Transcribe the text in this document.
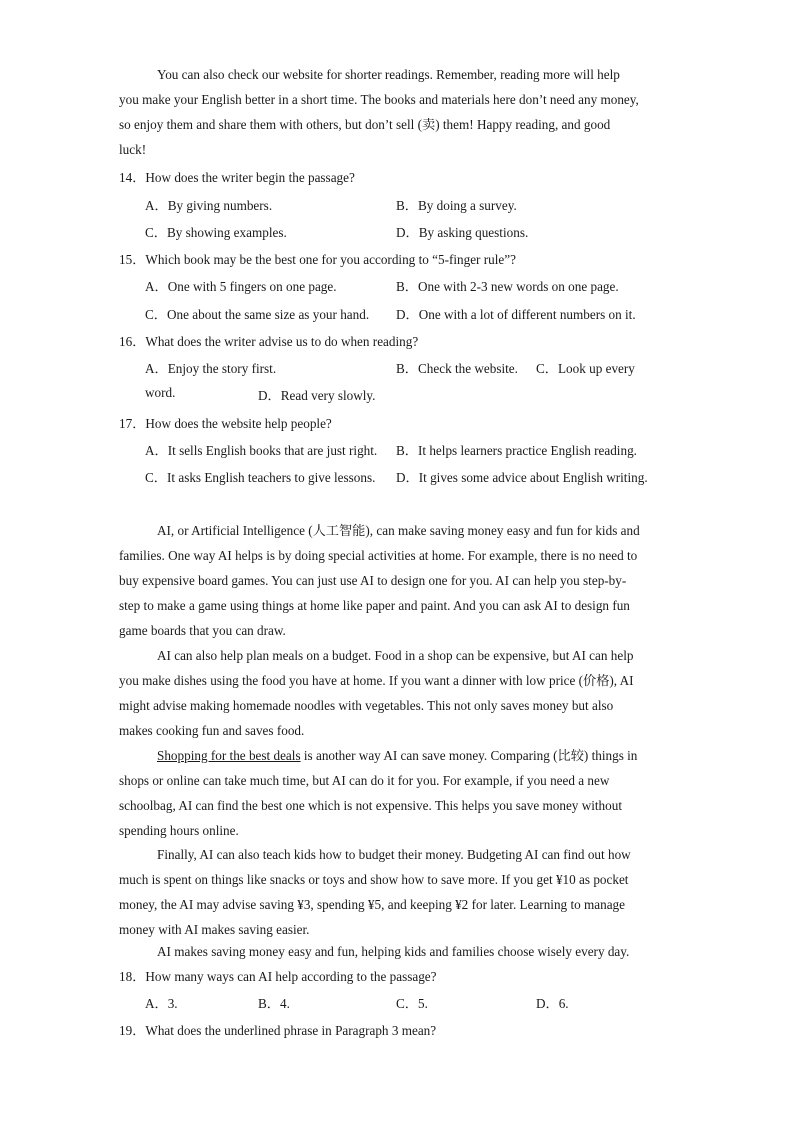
You can also check our website for shorter readings. Remember, reading more will help
you make your English better in a short time. The books and materials here don’t need any money,
so enjoy them and share them with others, but don’t sell (卖) them! Happy reading, and good
luck!
14．How does the writer begin the passage?
A．By giving numbers.	B．By doing a survey.
C．By showing examples.	D．By asking questions.
15．Which book may be the best one for you according to “5-finger rule”?
A．One with 5 fingers on one page.	B．One with 2-3 new words on one page.
C．One about the same size as your hand. D．One with a lot of different numbers on it.
16．What does the writer advise us to do when reading?
A．Enjoy the story first.	B．Check the website. C．Look up every
word.	D．Read very slowly.
17．How does the website help people?
A．It sells English books that are just right. B．It helps learners practice English reading.
C．It asks English teachers to give lessons. D．It gives some advice about English writing.
AI, or Artificial Intelligence (人工智能), can make saving money easy and fun for kids and
families. One way AI helps is by doing special activities at home. For example, there is no need to
buy expensive board games. You can just use AI to design one for you. AI can help you step-by-
step to make a game using things at home like paper and paint. And you can ask AI to design fun
game boards that you can draw.
AI can also help plan meals on a budget. Food in a shop can be expensive, but AI can help
you make dishes using the food you have at home. If you want a dinner with low price (价格), AI
might advise making homemade noodles with vegetables. This not only saves money but also
makes cooking fun and saves food.
Shopping for the best deals is another way AI can save money. Comparing (比较) things in
shops or online can take much time, but AI can do it for you. For example, if you need a new
schoolbag, AI can find the best one which is not expensive. This helps you save money without
spending hours online.
Finally, AI can also teach kids how to budget their money. Budgeting AI can find out how
much is spent on things like snacks or toys and show how to save more. If you get ¥10 as pocket
money, the AI may advise saving ¥3, spending ¥5, and keeping ¥2 for later. Learning to manage
money with AI makes saving easier.
AI makes saving money easy and fun, helping kids and families choose wisely every day.
18．How many ways can AI help according to the passage?
A．3.	B．4.	C．5.	D．6.
19．What does the underlined phrase in Paragraph 3 mean?
